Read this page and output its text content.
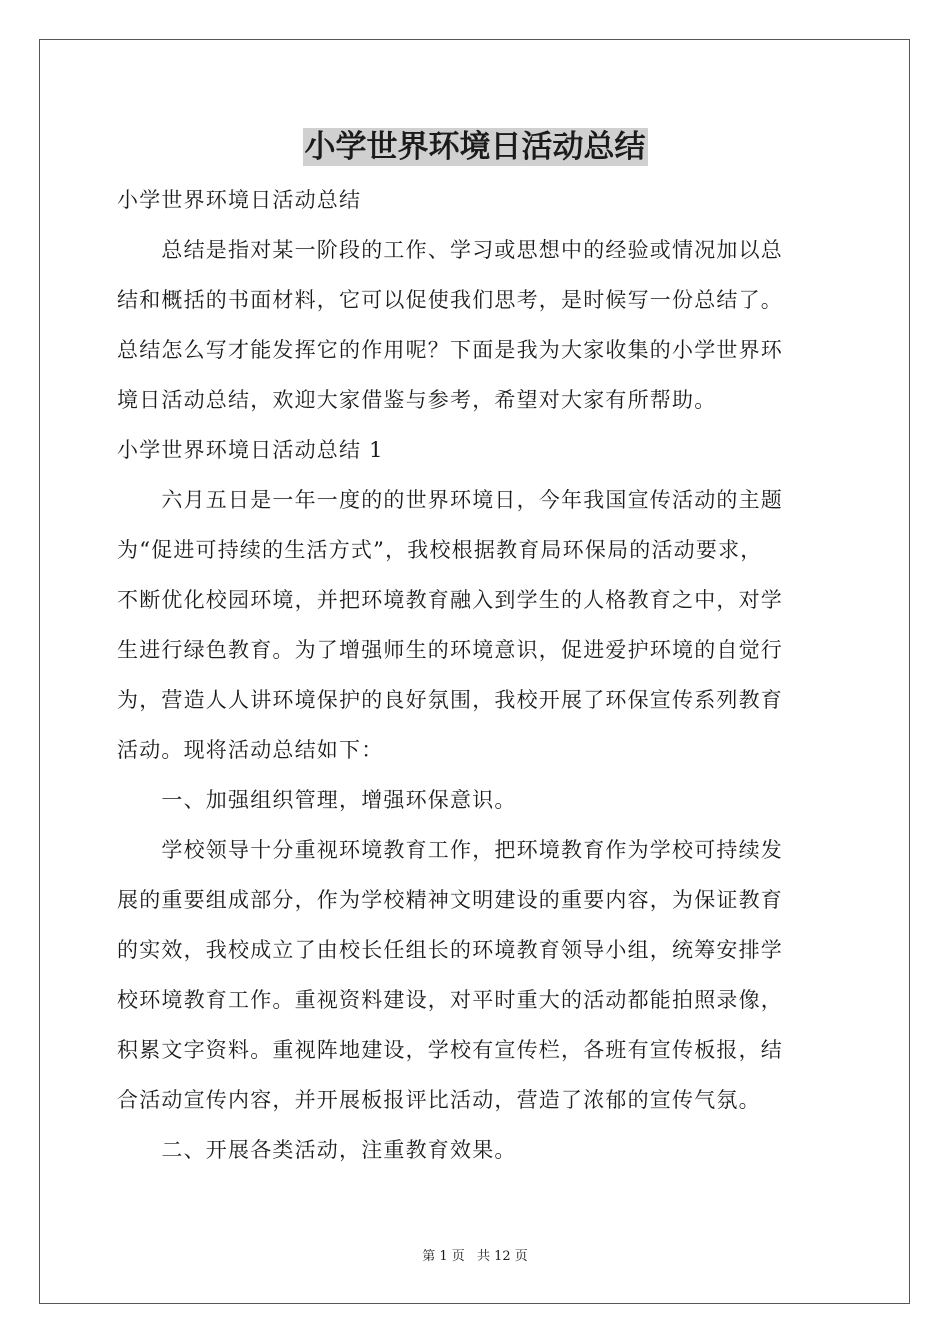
小学世界环境日活动总结
小学世界环境日活动总结
　　总结是指对某一阶段的工作、学习或思想中的经验或情况加以总
结和概括的书面材料，它可以促使我们思考，是时候写一份总结了。
总结怎么写才能发挥它的作用呢？下面是我为大家收集的小学世界环
境日活动总结，欢迎大家借鉴与参考，希望对大家有所帮助。
小学世界环境日活动总结 1
　　六月五日是一年一度的的世界环境日，今年我国宣传活动的主题
为“促进可持续的生活方式”，我校根据教育局环保局的活动要求，
不断优化校园环境，并把环境教育融入到学生的人格教育之中，对学
生进行绿色教育。为了增强师生的环境意识，促进爱护环境的自觉行
为，营造人人讲环境保护的良好氛围，我校开展了环保宣传系列教育
活动。现将活动总结如下：
　　一、加强组织管理，增强环保意识。
　　学校领导十分重视环境教育工作，把环境教育作为学校可持续发
展的重要组成部分，作为学校精神文明建设的重要内容，为保证教育
的实效，我校成立了由校长任组长的环境教育领导小组，统筹安排学
校环境教育工作。重视资料建设，对平时重大的活动都能拍照录像，
积累文字资料。重视阵地建设，学校有宣传栏，各班有宣传板报，结
合活动宣传内容，并开展板报评比活动，营造了浓郁的宣传气氛。
　　二、开展各类活动，注重教育效果。
第 1 页 共 12 页
